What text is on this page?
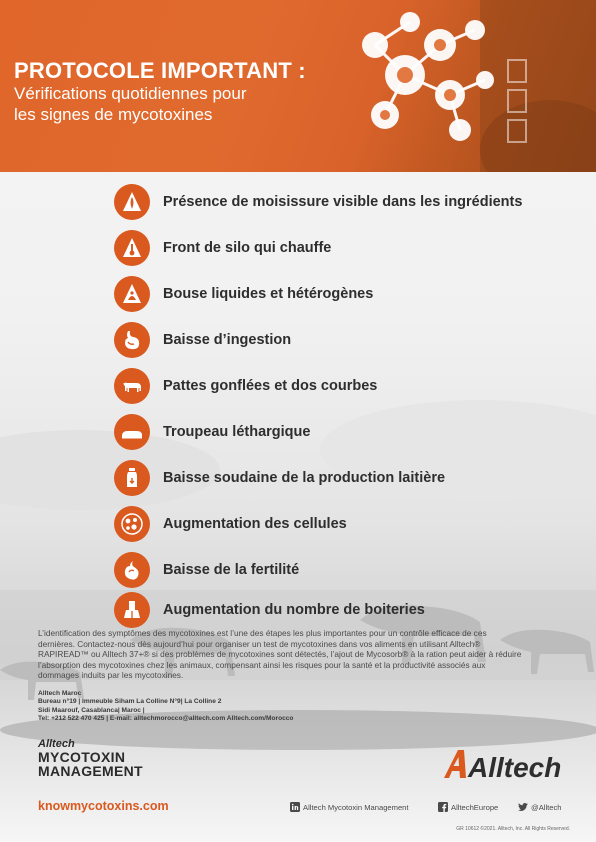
PROTOCOLE IMPORTANT :
Vérifications quotidiennes pour
les signes de mycotoxines
Présence de moisissure visible dans les ingrédients
Front de silo qui chauffe
Bouse liquides et hétérogènes
Baisse d’ingestion
Pattes gonflées et dos courbes
Troupeau léthargique
Baisse soudaine de la production laitière
Augmentation des cellules
Baisse de la fertilité
Augmentation du nombre de boiteries
L’identification des symptômes des mycotoxines est l’une des étapes les plus importantes pour un contrôle efficace de ces
dernières. Contactez-nous dès aujourd’hui pour organiser un test de mycotoxines dans vos aliments en utilisant Alltech®
RAPIREAD™ ou Alltech 37+® si des problèmes de mycotoxines sont détectés, l’ajout de Mycosorb® à la ration peut aider à réduire
l’absorption des mycotoxines chez les animaux, compensant ainsi les risques pour la santé et la productivité associés aux
dommages induits par les mycotoxines.
Alltech Maroc
Bureau n°19 | Immeuble Siham La Colline N°9| La Colline 2
Sidi Maarouf, Casablanca| Maroc |
Tel: +212 522 470 425 | E-mail: alltechmorocco@alltech.com Alltech.com/Morocco
Alltech
MYCOTOXIN
MANAGEMENT	Alltech
knowmycotoxins.com	Alltech Mycotoxin Management	AlltechEurope	@Alltech
GR 10612 ©2021. Alltech, Inc. All Rights Reserved.
